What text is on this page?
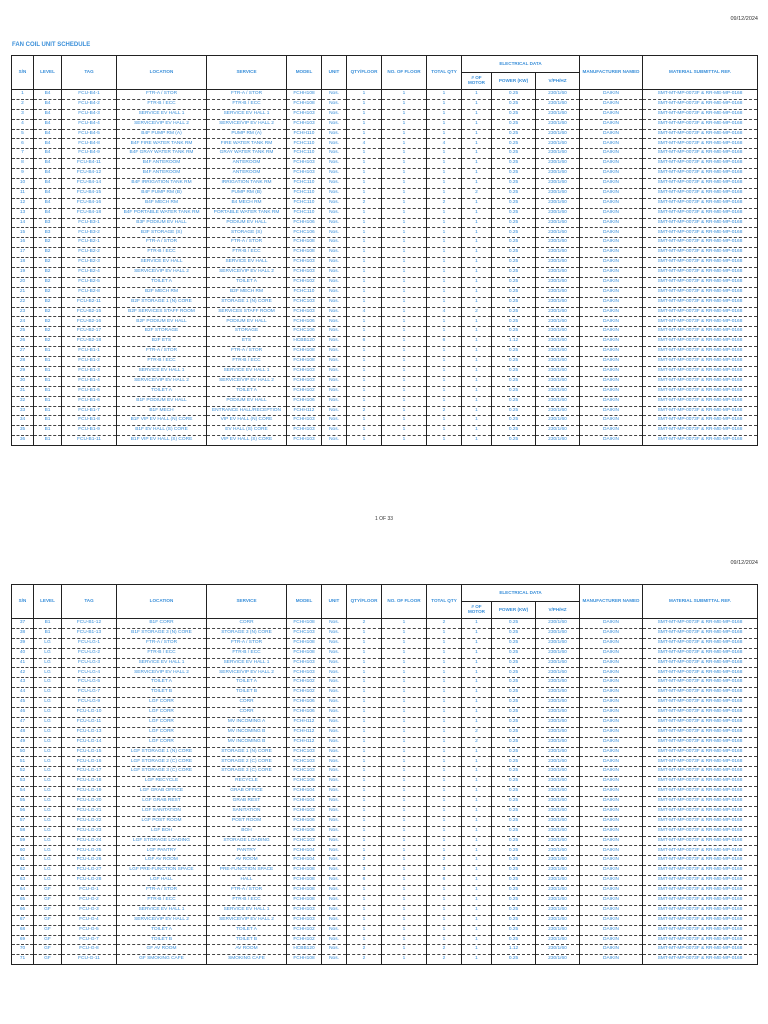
09/12/2024
FAN COIL UNIT SCHEDULE
S/N	LEVEL	TAG	LOCATION	SERVICE	MODEL	UNIT	QTY/FLOOR	NO. OF FLOOR	TOTAL QTY	ELECTRICAL DATA			MANUFACTURER NAMED	MATERIAL SUBMITTAL REF.
										# OF MOTOR	POWER (KW)	V/PH/HZ		
1	B4	FCU-B4-1	FTR-A / STOR	FTR-A / STOR	FCHH108	Nos.	1	1	1	1	0.25	230/1/60	DAIKIN	SMT-MT-MP-0073F & RR-ME-MP-0168
2	B4	FCU-B4-2	FTR-B / ECC	FTR-B / ECC	FCHH108	Nos.	1	1	1	1	0.25	230/1/60	DAIKIN	SMT-MT-MP-0073F & RR-ME-MP-0168
3	B4	FCU-B4-3	SERVICE EV HALL 1	SERVICE EV HALL 1	FCHH103	Nos.	1	1	1	1	0.25	230/1/60	DAIKIN	SMT-MT-MP-0073F & RR-ME-MP-0168
4	B4	FCU-B4-4	SERVICE/VIP EV HALL 2	SERVICE/VIP EV HALL 2	FCHH103	Nos.	1	1	1	1	0.25	230/1/60	DAIKIN	SMT-MT-MP-0073F & RR-ME-MP-0168
5	B4	FCU-B4-5	B4F PUMP RM (A)	PUMP RM (A)	FCHH110	Nos.	1	1	1	1	0.25	230/1/60	DAIKIN	SMT-MT-MP-0073F & RR-ME-MP-0168
6	B4	FCU-B4-8	B4F FIRE WATER TANK RM	FIRE WATER TANK RM	FCHC110	Nos.	4	1	4	1	0.25	230/1/60	DAIKIN	SMT-MT-MP-0073F & RR-ME-MP-0168
7	B4	FCU-B4-9	B4F GRAY WATER TANK RM	GRAY WATER TANK RM	FCHC110	Nos.	1	1	1	1	0.25	230/1/60	DAIKIN	SMT-MT-MP-0073F & RR-ME-MP-0168
8	B4	FCU-B4-11	B4F ANTEROOM	ANTEROOM	FCHH103	Nos.	1	1	1	1	0.25	230/1/60	DAIKIN	SMT-MT-MP-0073F & RR-ME-MP-0168
9	B4	FCU-B4-12	B4F ANTEROOM	ANTEROOM	FCHH103	Nos.	1	1	1	1	0.25	230/1/60	DAIKIN	SMT-MT-MP-0073F & RR-ME-MP-0168
10	B4	FCU-B4-14	B4F IRRIGATION TANK RM	IRRIGATION TANK RM	FCHC110	Nos.	1	1	1	1	0.25	230/1/60	DAIKIN	SMT-MT-MP-0073F & RR-ME-MP-0168
11	B4	FCU-B4-15	B4F PUMP RM (B)	PUMP RM (B)	FCHC110	Nos.	1	1	1	2	0.25	230/1/60	DAIKIN	SMT-MT-MP-0073F & RR-ME-MP-0168
12	B4	FCU-B4-16	B4F MECH RM	B4 MECH RM	FCHC110	Nos.	2	1	2	1	0.25	230/1/60	DAIKIN	SMT-MT-MP-0073F & RR-ME-MP-0168
13	B4	FCU-B4-18	B4F PORTABLE WATER TANK RM	PORTABLE WATER TANK RM	FCHC110	Nos.	1	1	1	1	0.25	230/1/60	DAIKIN	SMT-MT-MP-0073F & RR-ME-MP-0168
14	B3	FCU-B3-1	B3F PODIUM EV HALL	PODIUM EV HALL	FCHH106	Nos.	1	1	1	1	0.25	230/1/60	DAIKIN	SMT-MT-MP-0073F & RR-ME-MP-0168
15	B3	FCU-B3-2	B3F STORAGE (S)	STORAGE (S)	FCHC106	Nos.	1	1	1	1	0.25	230/1/60	DAIKIN	SMT-MT-MP-0073F & RR-ME-MP-0168
16	B2	FCU-B2-1	FTR-A / STOR	FTR-A / STOR	FCHH108	Nos.	1	1	1	1	0.25	230/1/60	DAIKIN	SMT-MT-MP-0073F & RR-ME-MP-0168
17	B2	FCU-B2-2	FTR-B / ECC	FTR-B / ECC	FCHH108	Nos.	1	1	1	1	0.25	230/1/60	DAIKIN	SMT-MT-MP-0073F & RR-ME-MP-0168
18	B2	FCU-B2-3	SERVICE EV HALL	SERVICE EV HALL	FCHH103	Nos.	1	1	1	1	0.25	230/1/60	DAIKIN	SMT-MT-MP-0073F & RR-ME-MP-0168
19	B2	FCU-B2-4	SERVICE/VIP EV HALL 2	SERVICE/VIP EV HALL 2	FCHH103	Nos.	1	1	1	1	0.25	230/1/60	DAIKIN	SMT-MT-MP-0073F & RR-ME-MP-0168
20	B2	FCU-B2-5	TOILET A	TOILET A	FCHH102	Nos.	1	1	1	1	0.25	230/1/60	DAIKIN	SMT-MT-MP-0073F & RR-ME-MP-0168
21	B2	FCU-B2-8	B2F MECH RM	B2F MECH RM	FCHC110	Nos.	1	1	1	1	0.25	230/1/60	DAIKIN	SMT-MT-MP-0073F & RR-ME-MP-0168
22	B2	FCU-B2-11	B2F STORAGE 1 (N) CORE	STORAGE 1 (N) CORE	FCHC103	Nos.	1	1	1	1	0.25	230/1/60	DAIKIN	SMT-MT-MP-0073F & RR-ME-MP-0168
23	B2	FCU-B2-15	B2F SERVICES STAFF ROOM	SERVICES STAFF ROOM	FCHH103	Nos.	4	1	4	2	0.25	230/1/60	DAIKIN	SMT-MT-MP-0073F & RR-ME-MP-0168
24	B2	FCU-B2-16	B2F PODIUM EV HALL	PODIUM EV HALL	FCHH106	Nos.	1	1	1	1	0.25	230/1/60	DAIKIN	SMT-MT-MP-0073F & RR-ME-MP-0168
25	B2	FCU-B2-17	B2F STORAGE	STORAGE	FCHC106	Nos.	1	1	1	1	0.25	230/1/60	DAIKIN	SMT-MT-MP-0073F & RR-ME-MP-0168
26	B2	FCU-B2-18	B2F ETS	ETS	HCBB120	Nos.	6	1	6	1	1.12	230/1/60	DAIKIN	SMT-MT-MP-0073F & RR-ME-MP-0168
27	B1	FCU-B1-1	FTR-A / STOR	FTR-A / STOR	FCHH108	Nos.	1	1	1	1	0.25	230/1/60	DAIKIN	SMT-MT-MP-0073F & RR-ME-MP-0168
28	B1	FCU-B1-2	FTR-B / ECC	FTR-B / ECC	FCHH108	Nos.	1	1	1	1	0.25	230/1/60	DAIKIN	SMT-MT-MP-0073F & RR-ME-MP-0168
29	B1	FCU-B1-3	SERVICE EV HALL 1	SERVICE EV HALL 1	FCHH103	Nos.	1	1	1	1	0.25	230/1/60	DAIKIN	SMT-MT-MP-0073F & RR-ME-MP-0168
30	B1	FCU-B1-4	SERVICE/VIP EV HALL 2	SERVICE/VIP EV HALL 2	FCHH103	Nos.	1	1	1	1	0.25	230/1/60	DAIKIN	SMT-MT-MP-0073F & RR-ME-MP-0168
31	B1	FCU-B1-5	TOILET A	TOILET A	FCHH102	Nos.	1	1	1	1	0.25	230/1/60	DAIKIN	SMT-MT-MP-0073F & RR-ME-MP-0168
32	B1	FCU-B1-6	B1F PODIUM EV HALL	PODIUM EV HALL	FCHH106	Nos.	1	1	1	1	0.25	230/1/60	DAIKIN	SMT-MT-MP-0073F & RR-ME-MP-0168
33	B1	FCU-B1-7	B1F MECH	ENTRANCE HALL/RECEPTION	FCHH112	Nos.	2	1	2	1	0.25	230/1/60	DAIKIN	SMT-MT-MP-0073F & RR-ME-MP-0168
34	B1	FCU-B1-8	B1F VIP EV HALL (N) CORE	VIP EV HALL (N) CORE	FCHH103	Nos.	1	1	1	1	0.25	230/1/60	DAIKIN	SMT-MT-MP-0073F & RR-ME-MP-0168
35	B1	FCU-B1-9	B1F EV HALL (S) CORE	EV HALL (S) CORE	FCHH103	Nos.	1	1	1	1	0.25	230/1/60	DAIKIN	SMT-MT-MP-0073F & RR-ME-MP-0168
36	B1	FCU-B1-11	B1F VIP EV HALL (S) CORE	VIP EV HALL (S) CORE	FCHH103	Nos.	1	1	1	1	0.25	230/1/60	DAIKIN	SMT-MT-MP-0073F & RR-ME-MP-0168
1 OF 33
09/12/2024
S/N	LEVEL	TAG	LOCATION	SERVICE	MODEL	UNIT	QTY/FLOOR	NO. OF FLOOR	TOTAL QTY	ELECTRICAL DATA			MANUFACTURER NAMED	MATERIAL SUBMITTAL REF.
										# OF MOTOR	POWER (KW)	V/PH/HZ		
37	B1	FCU-B1-12	B1F CORR	CORR	FCHH108	Nos.	2	1	2	1	0.25	230/1/60	DAIKIN	SMT-MT-MP-0073F & RR-ME-MP-0168
38	B1	FCU-B1-13	B1F STORAGE 3 (N) CORE	STORAGE 3 (N) CORE	FCHC103	Nos.	1	1	1	1	0.25	230/1/60	DAIKIN	SMT-MT-MP-0073F & RR-ME-MP-0168
39	LG	FCU-LG-1	FTR-A / STOR	FTR-A / STOR	FCHH108	Nos.	1	1	1	1	0.25	230/1/60	DAIKIN	SMT-MT-MP-0073F & RR-ME-MP-0168
40	LG	FCU-LG-2	FTR-B / ECC	FTR-B / ECC	FCHH108	Nos.	1	1	1	1	0.25	230/1/60	DAIKIN	SMT-MT-MP-0073F & RR-ME-MP-0168
41	LG	FCU-LG-3	SERVICE EV HALL 1	SERVICE EV HALL 1	FCHH103	Nos.	1	1	1	1	0.25	230/1/60	DAIKIN	SMT-MT-MP-0073F & RR-ME-MP-0168
42	LG	FCU-LG-4	SERVICE/VIP EV HALL 2	SERVICE/VIP EV HALL 2	FCHH103	Nos.	1	1	1	1	0.25	230/1/60	DAIKIN	SMT-MT-MP-0073F & RR-ME-MP-0168
43	LG	FCU-LG-5	TOILET A	TOILET A	FCHH102	Nos.	1	1	1	1	0.25	230/1/60	DAIKIN	SMT-MT-MP-0073F & RR-ME-MP-0168
44	LG	FCU-LG-7	TOILET B	TOILET B	FCHH102	Nos.	1	1	1	1	0.25	230/1/60	DAIKIN	SMT-MT-MP-0073F & RR-ME-MP-0168
45	LG	FCU-LG-9	LGF CORR	CORR	FCHH106	Nos.	1	1	1	1	0.25	230/1/60	DAIKIN	SMT-MT-MP-0073F & RR-ME-MP-0168
46	LG	FCU-LG-10	LGF CORR	CORR	FCHH106	Nos.	1	1	1	1	0.25	230/1/60	DAIKIN	SMT-MT-MP-0073F & RR-ME-MP-0168
47	LG	FCU-LG-11	LGF CORR	MV INCOMING A	FCHH112	Nos.	1	1	1	1	0.25	230/1/60	DAIKIN	SMT-MT-MP-0073F & RR-ME-MP-0168
48	LG	FCU-LG-13	LGF CORR	MV INCOMING B	FCHH112	Nos.	1	1	1	2	0.25	230/1/60	DAIKIN	SMT-MT-MP-0073F & RR-ME-MP-0168
49	LG	FCU-LG-14	LGF CORR	MV INCOMING B	FCHH112	Nos.	1	1	1	2	0.25	230/1/60	DAIKIN	SMT-MT-MP-0073F & RR-ME-MP-0168
50	LG	FCU-LG-15	LGF STORAGE 1 (N) CORE	STORAGE 1 (N) CORE	FCHC103	Nos.	1	1	1	1	0.25	230/1/60	DAIKIN	SMT-MT-MP-0073F & RR-ME-MP-0168
51	LG	FCU-LG-16	LGF STORAGE 2 (C) CORE	STORAGE 2 (C) CORE	FCHC103	Nos.	1	1	1	1	0.25	230/1/60	DAIKIN	SMT-MT-MP-0073F & RR-ME-MP-0168
52	LG	FCU-LG-17	LGF STORAGE 3 (C) CORE	STORAGE 3 (C) CORE	FCHC103	Nos.	1	1	1	1	0.25	230/1/60	DAIKIN	SMT-MT-MP-0073F & RR-ME-MP-0168
53	LG	FCU-LG-18	LGF RECYCLE	RECYCLE	FCHC106	Nos.	1	1	1	1	0.25	230/1/60	DAIKIN	SMT-MT-MP-0073F & RR-ME-MP-0168
54	LG	FCU-LG-19	LGF GRAB OFFICE	GRAB OFFICE	FCHH104	Nos.	1	1	1	1	0.25	230/1/60	DAIKIN	SMT-MT-MP-0073F & RR-ME-MP-0168
55	LG	FCU-LG-20	LGF GRAB REST	GRAB REST	FCHH104	Nos.	1	1	1	1	0.25	230/1/60	DAIKIN	SMT-MT-MP-0073F & RR-ME-MP-0168
56	LG	FCU-LG-21	LGF SANITATION	SANITATION	FCHH103	Nos.	1	1	1	1	0.25	230/1/60	DAIKIN	SMT-MT-MP-0073F & RR-ME-MP-0168
57	LG	FCU-LG-22	LGF POST ROOM	POST ROOM	FCHH106	Nos.	1	1	1	1	0.25	230/1/60	DAIKIN	SMT-MT-MP-0073F & RR-ME-MP-0168
58	LG	FCU-LG-23	LGF BOH	BOH	FCHH106	Nos.	1	1	1	1	0.25	230/1/60	DAIKIN	SMT-MT-MP-0073F & RR-ME-MP-0168
59	LG	FCU-LG-24	LGF STORAGE LOADING	STORAGE LOADING	FCHC103	Nos.	1	1	1	1	0.25	230/1/60	DAIKIN	SMT-MT-MP-0073F & RR-ME-MP-0168
60	LG	FCU-LG-25	LGF PANTRY	PANTRY	FCHH104	Nos.	1	1	1	1	0.25	230/1/60	DAIKIN	SMT-MT-MP-0073F & RR-ME-MP-0168
61	LG	FCU-LG-26	LGF AV ROOM	AV ROOM	FCHH104	Nos.	2	1	2	1	0.25	230/1/60	DAIKIN	SMT-MT-MP-0073F & RR-ME-MP-0168
62	LG	FCU-LG-27	LGF PRE-FUNCTION SPACE	PRE-FUNCTION SPACE	FCHH108	Nos.	3	1	3	1	0.25	230/1/60	DAIKIN	SMT-MT-MP-0073F & RR-ME-MP-0168
63	LG	FCU-LG-28	LGF HALL	HALL	FCHH108	Nos.	6	1	6	1	0.25	230/1/60	DAIKIN	SMT-MT-MP-0073F & RR-ME-MP-0168
64	GF	FCU-G-1	FTR-A / STOR	FTR-A / STOR	FCHH108	Nos.	1	1	1	1	0.25	230/1/60	DAIKIN	SMT-MT-MP-0073F & RR-ME-MP-0168
65	GF	FCU-G-2	FTR-B / ECC	FTR-B / ECC	FCHH108	Nos.	1	1	1	1	0.25	230/1/60	DAIKIN	SMT-MT-MP-0073F & RR-ME-MP-0168
66	GF	FCU-G-3	SERVICE EV HALL 1	SERVICE EV HALL 1	FCHH103	Nos.	1	1	1	1	0.25	230/1/60	DAIKIN	SMT-MT-MP-0073F & RR-ME-MP-0168
67	GF	FCU-G-4	SERVICE/VIP EV HALL 2	SERVICE/VIP EV HALL 2	FCHH103	Nos.	1	1	1	1	0.25	230/1/60	DAIKIN	SMT-MT-MP-0073F & RR-ME-MP-0168
68	GF	FCU-G-5	TOILET A	TOILET A	FCHH102	Nos.	1	1	1	1	0.25	230/1/60	DAIKIN	SMT-MT-MP-0073F & RR-ME-MP-0168
69	GF	FCU-G-7	TOILET B	TOILET B	FCHH102	Nos.	1	1	1	1	0.25	230/1/60	DAIKIN	SMT-MT-MP-0073F & RR-ME-MP-0168
70	GF	FCU-G-8	GF AV ROOM	AV ROOM	HCBB120	Nos.	2	1	2	1	1.12	230/1/60	DAIKIN	SMT-MT-MP-0073F & RR-ME-MP-0168
71	GF	FCU-G-11	GF SMOKING CAFE	SMOKING CAFE	FCHH108	Nos.	2	1	2	1	0.25	230/1/60	DAIKIN	SMT-MT-MP-0073F & RR-ME-MP-0168
